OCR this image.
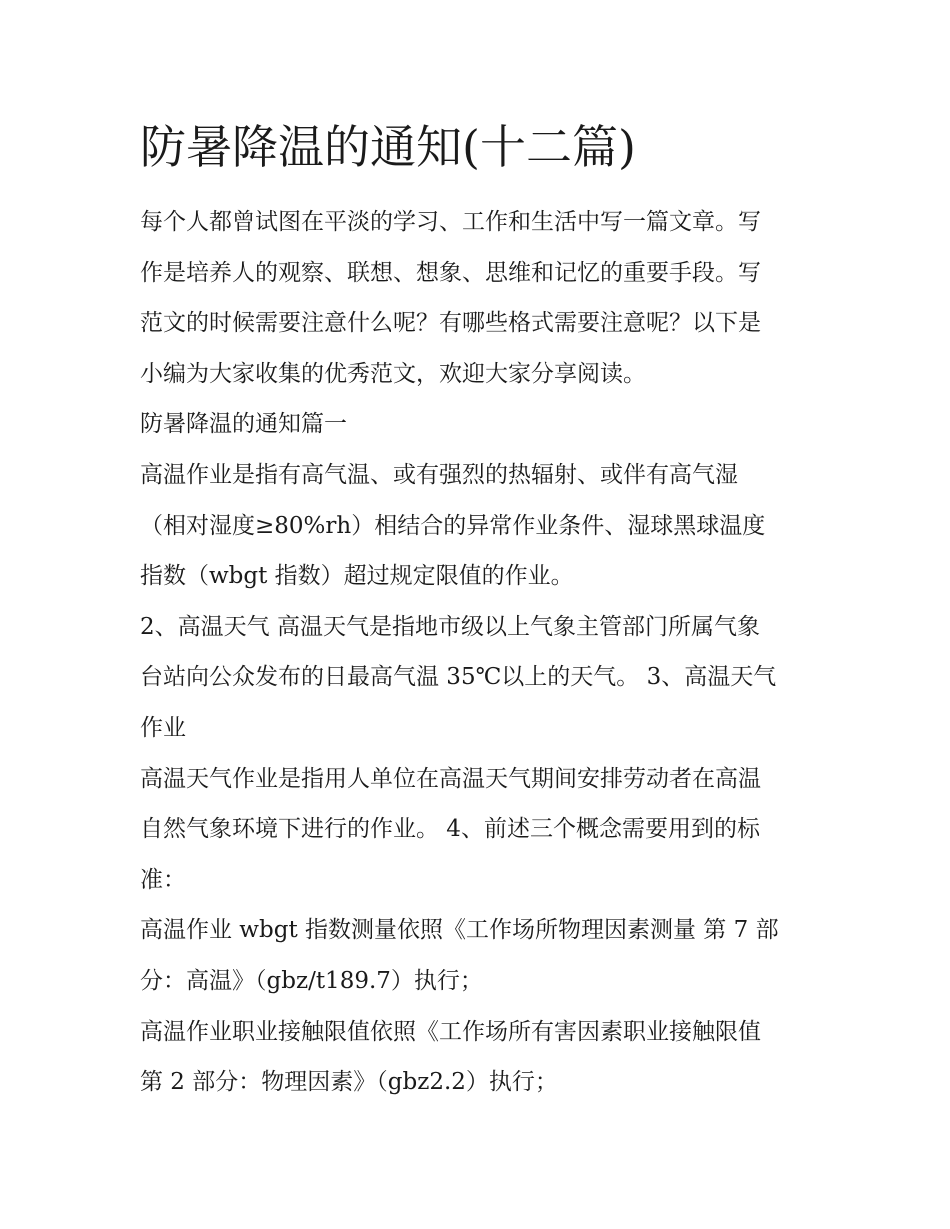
防暑降温的通知(十二篇)
每个人都曾试图在平淡的学习、工作和生活中写一篇文章。写
作是培养人的观察、联想、想象、思维和记忆的重要手段。写
范文的时候需要注意什么呢？有哪些格式需要注意呢？以下是
小编为大家收集的优秀范文，欢迎大家分享阅读。
防暑降温的通知篇一
高温作业是指有高气温、或有强烈的热辐射、或伴有高气湿
（相对湿度≥80%rh）相结合的异常作业条件、湿球黑球温度
指数（wbgt 指数）超过规定限值的作业。
2、高温天气 高温天气是指地市级以上气象主管部门所属气象
台站向公众发布的日最高气温 35℃以上的天气。 3、高温天气
作业
高温天气作业是指用人单位在高温天气期间安排劳动者在高温
自然气象环境下进行的作业。 4、前述三个概念需要用到的标
准：
高温作业 wbgt 指数测量依照《工作场所物理因素测量 第 7 部
分：高温》（gbz/t189.7）执行；
高温作业职业接触限值依照《工作场所有害因素职业接触限值
第 2 部分：物理因素》（gbz2.2）执行；
